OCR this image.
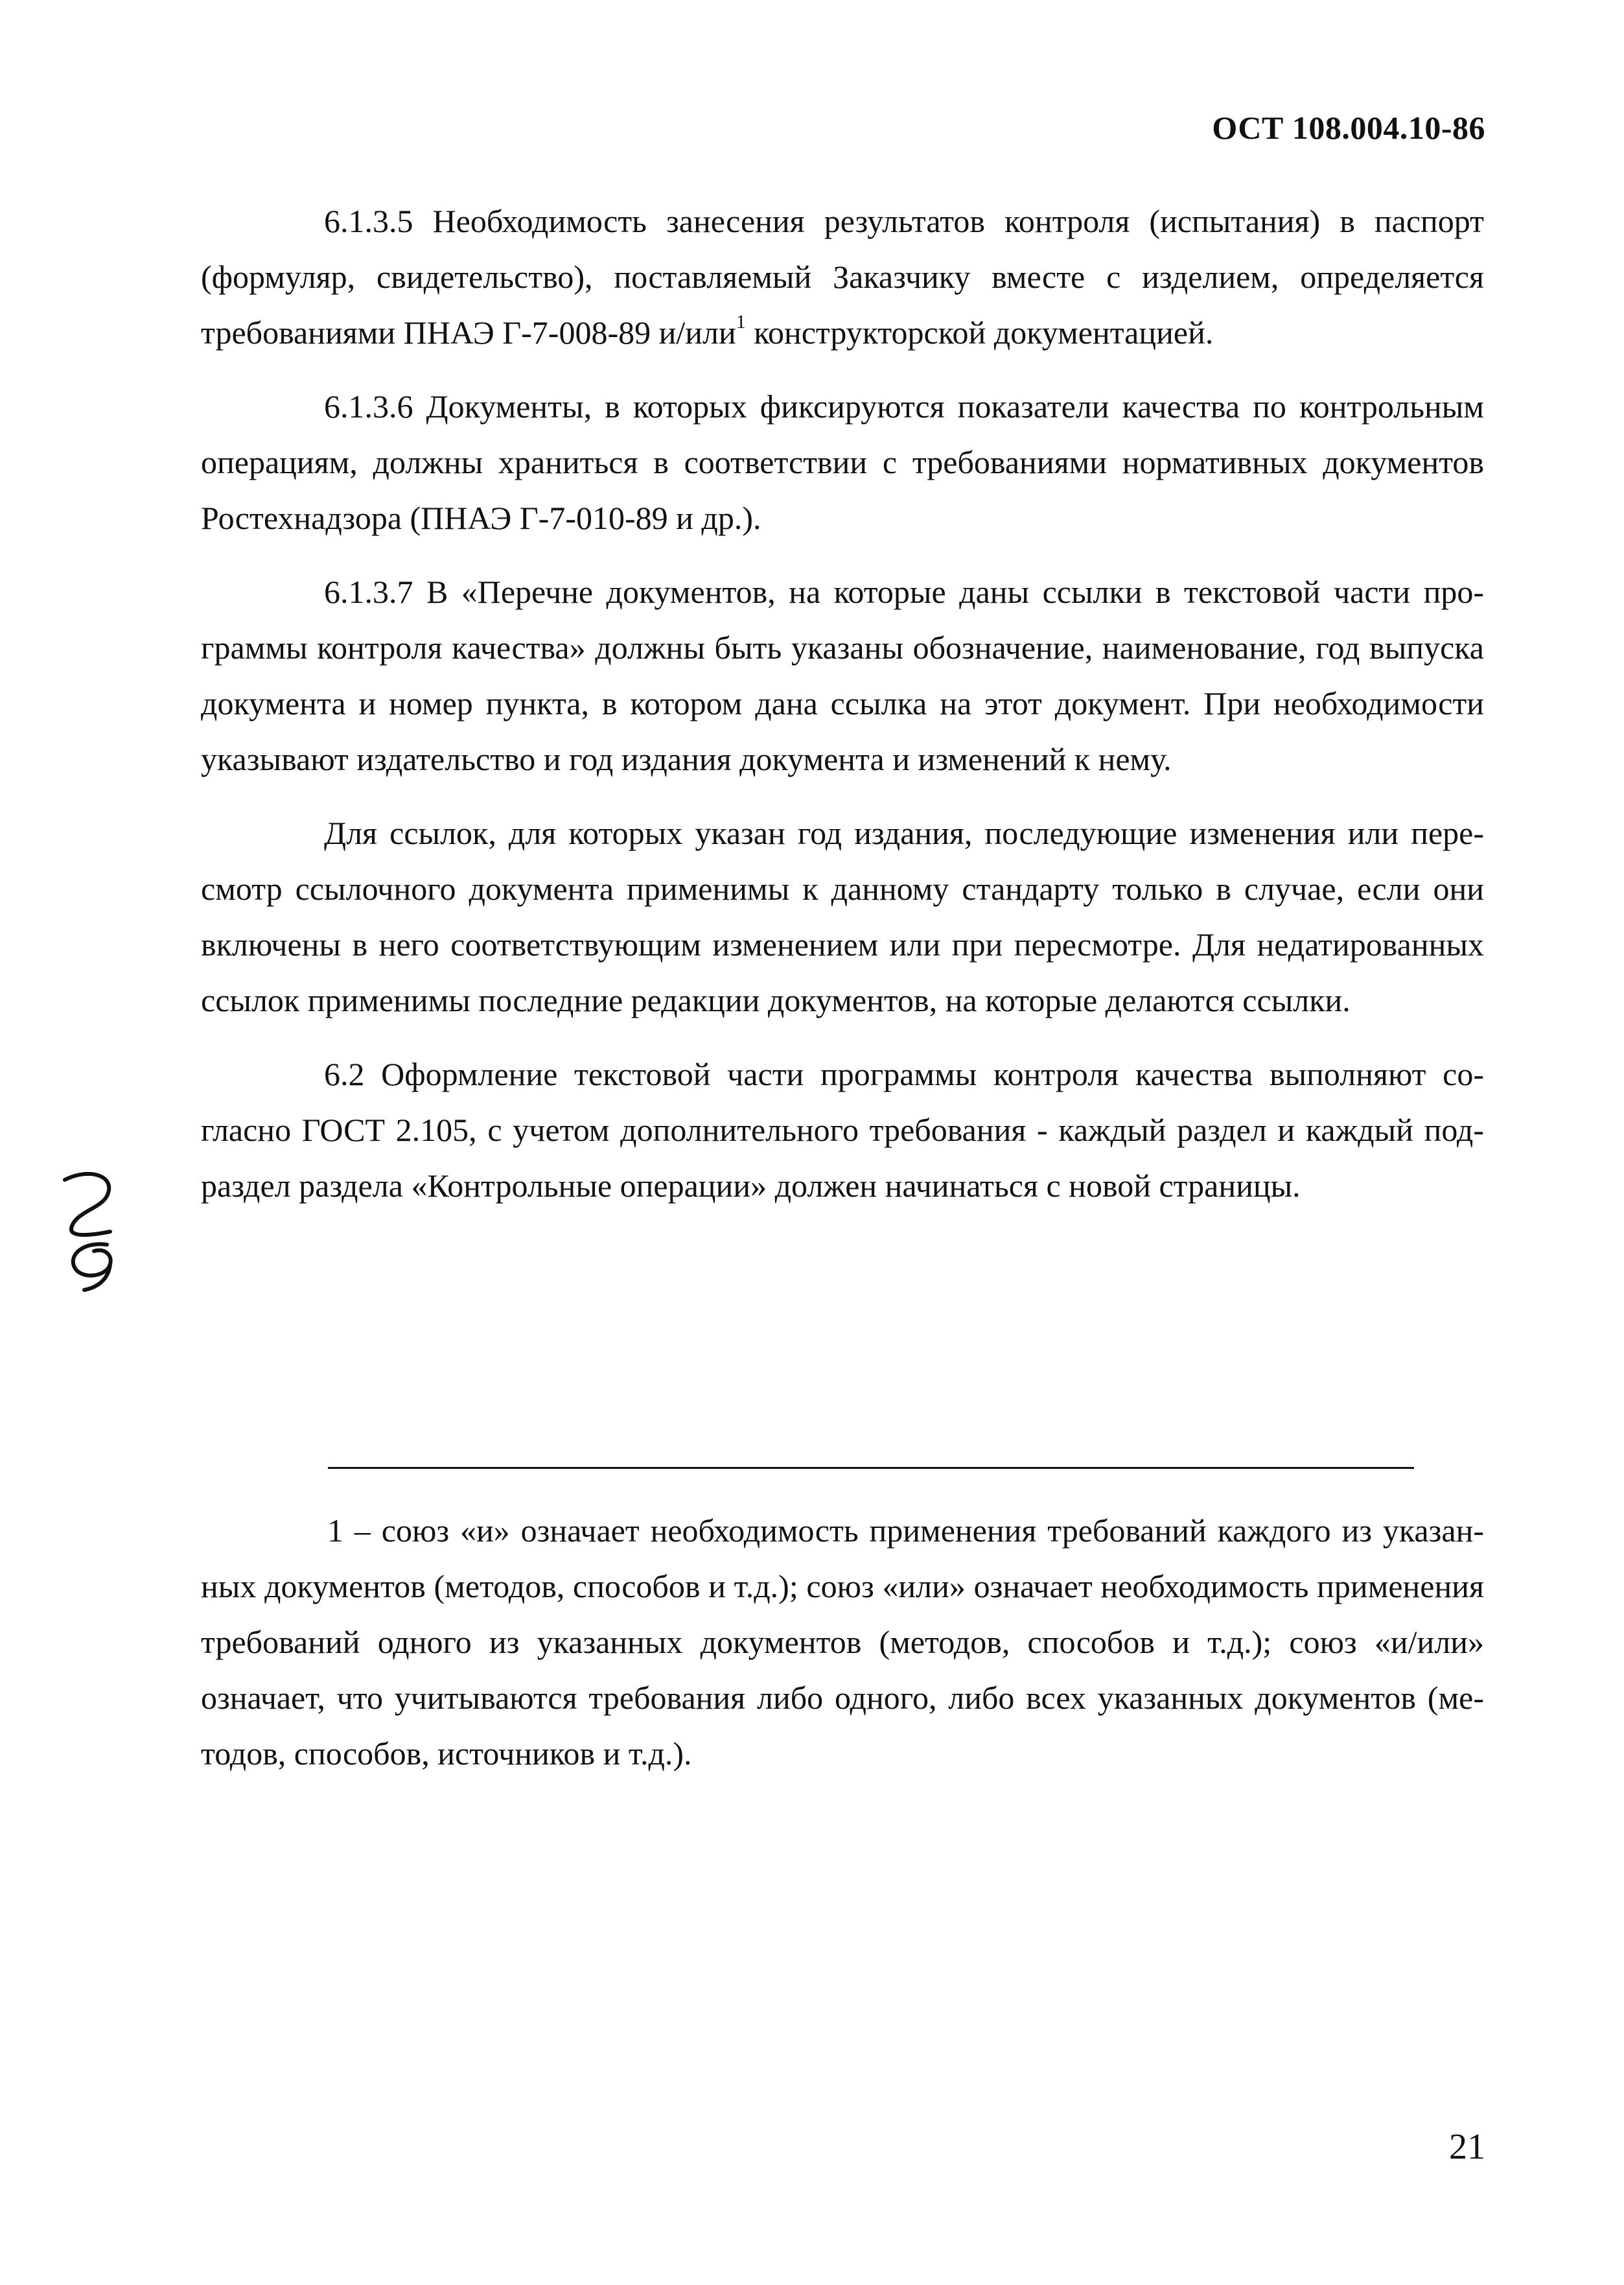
ОСТ 108.004.10-86

6.1.3.5 Необходимость занесения результатов контроля (испытания) в паспорт (формуляр, свидетельство), поставляемый Заказчику вместе с изделием, определяется требованиями ПНАЭ Г-7-008-89 и/или$^1$ конструкторской документацией.

6.1.3.6 Документы, в которых фиксируются показатели качества по контрольным операциям, должны храниться в соответствии с требованиями нормативных документов Ростехнадзора (ПНАЭ Г-7-010-89 и др.).

6.1.3.7 В «Перечне документов, на которые даны ссылки в текстовой части программы контроля качества» должны быть указаны обозначение, наименование, год выпуска документа и номер пункта, в котором дана ссылка на этот документ. При необходимости указывают издательство и год издания документа и изменений к нему.

Для ссылок, для которых указан год издания, последующие изменения или пересмотр ссылочного документа применимы к данному стандарту только в случае, если они включены в него соответствующим изменением или при пересмотре. Для недатированных ссылок применимы последние редакции документов, на которые делаются ссылки.

6.2 Оформление текстовой части программы контроля качества выполняют согласно ГОСТ 2.105, с учетом дополнительного требования - каждый раздел и каждый подраздел раздела «Контрольные операции» должен начинаться с новой страницы.

1 – союз «и» означает необходимость применения требований каждого из указанных документов (методов, способов и т.д.); союз «или» означает необходимость применения требований одного из указанных документов (методов, способов и т.д.); союз «и/или» означает, что учитываются требования либо одного, либо всех указанных документов (методов, способов, источников и т.д.).

21
